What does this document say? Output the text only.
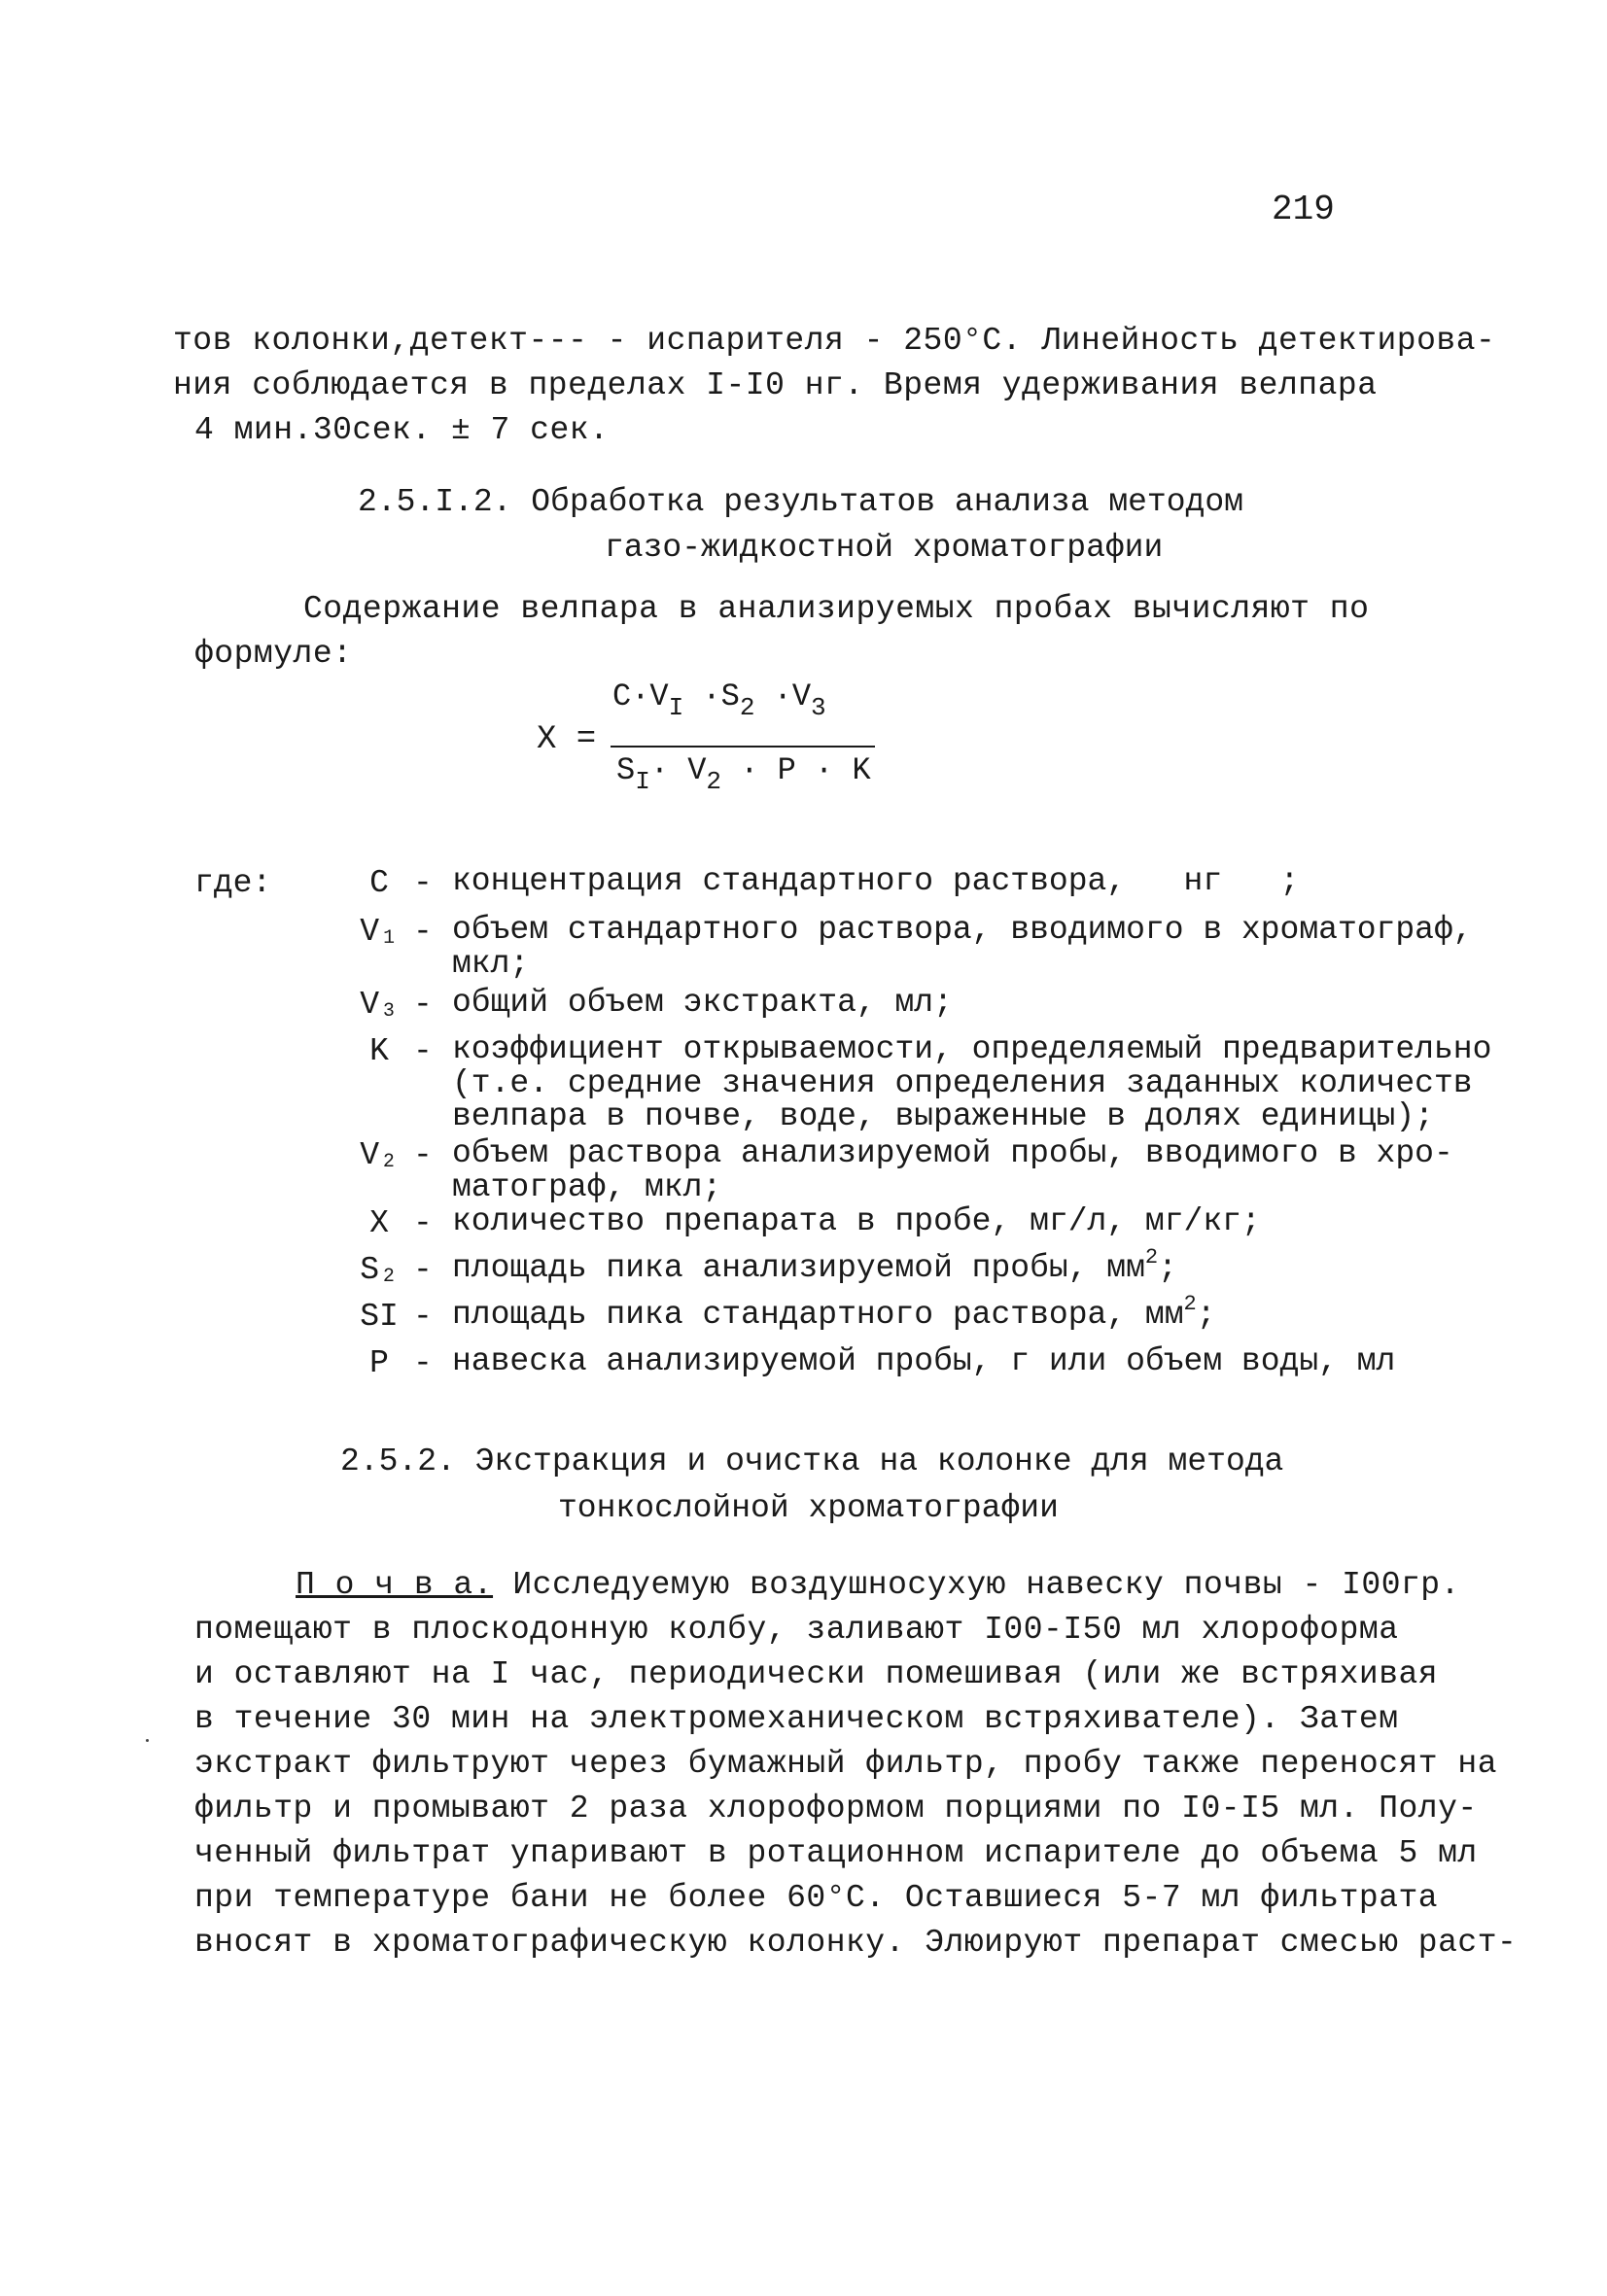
219
тов колонки,детект--- - испарителя - 250°С. Линейность детектирова-
ния соблюдается в пределах I-I0 нг. Время удерживания велпара
4 мин.30сек. ± 7 сек.
2.5.I.2. Обработка результатов анализа методом
газо-жидкостной хроматографии
Содержание велпара в анализируемых пробах вычисляют по
формуле:
X =
$C\cdot V_I \cdot S_2 \cdot V_3$
$S_I\cdot V_2 \cdot P \cdot K$
где:	C - концентрация стандартного раствора,   нг   ;
V₁ - объем стандартного раствора, вводимого в хроматограф,
мкл;
V₃ - общий объем экстракта, мл;
K - коэффициент открываемости, определяемый предварительно
(т.е. средние значения определения заданных количеств
велпара в почве, воде, выраженные в долях единицы);
V₂ - объем раствора анализируемой пробы, вводимого в хро-
матограф, мкл;
X - количество препарата в пробе, мг/л, мг/кг;
S₂ - площадь пика анализируемой пробы, $мм^2$;
SI - площадь пика стандартного раствора, $мм^2$;
P - навеска анализируемой пробы, г или объем воды, мл
2.5.2. Экстракция и очистка на колонке для метода
тонкослойной хроматографии
П о ч в а. Исследуемую воздушносухую навеску почвы - I00гр.
помещают в плоскодонную колбу, заливают I00-I50 мл хлороформа
и оставляют на I час, периодически помешивая (или же встряхивая
в течение 30 мин на электромеханическом встряхивателе). Затем
экстракт фильтруют через бумажный фильтр, пробу также переносят на
фильтр и промывают 2 раза хлороформом порциями по I0-I5 мл. Полу-
ченный фильтрат упаривают в ротационном испарителе до объема 5 мл
при температуре бани не более 60°С. Оставшиеся 5-7 мл фильтрата
вносят в хроматографическую колонку. Элюируют препарат смесью раст-
